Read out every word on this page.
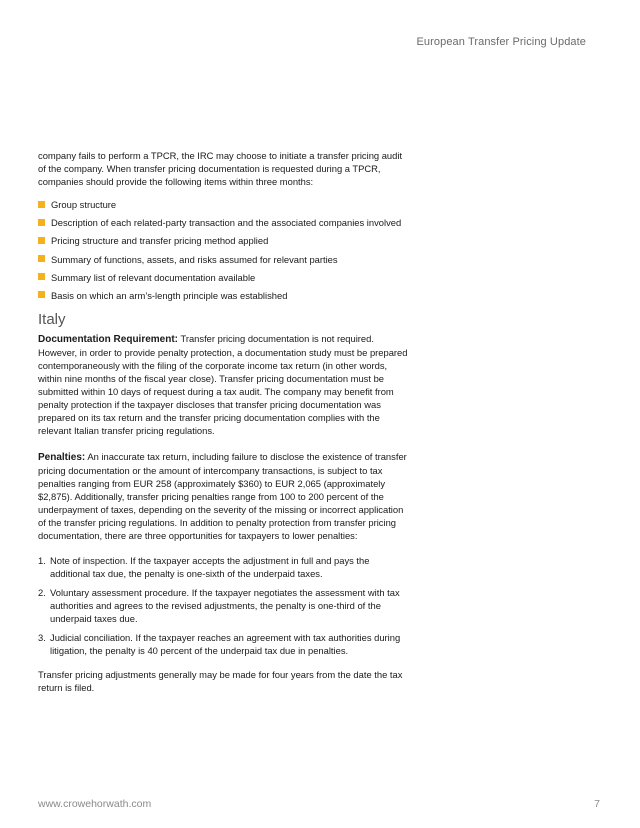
European Transfer Pricing Update

company fails to perform a TPCR, the IRC may choose to initiate a transfer pricing audit of the company. When transfer pricing documentation is requested during a TPCR, companies should provide the following items within three months:

Group structure
Description of each related-party transaction and the associated companies involved
Pricing structure and transfer pricing method applied
Summary of functions, assets, and risks assumed for relevant parties
Summary list of relevant documentation available
Basis on which an arm’s-length principle was established
Italy

Documentation Requirement: Transfer pricing documentation is not required. However, in order to provide penalty protection, a documentation study must be prepared contemporaneously with the filing of the corporate income tax return (in other words, within nine months of the fiscal year close). Transfer pricing documentation must be submitted within 10 days of request during a tax audit. The company may benefit from penalty protection if the taxpayer discloses that transfer pricing documentation was prepared on its tax return and the transfer pricing documentation complies with the relevant Italian transfer pricing regulations.

Penalties: An inaccurate tax return, including failure to disclose the existence of transfer pricing documentation or the amount of intercompany transactions, is subject to tax penalties ranging from EUR 258 (approximately $360) to EUR 2,065 (approximately $2,875). Additionally, transfer pricing penalties range from 100 to 200 percent of the underpayment of taxes, depending on the severity of the missing or incorrect application of the transfer pricing regulations. In addition to penalty protection from transfer pricing documentation, there are three opportunities for taxpayers to lower penalties:

1. Note of inspection. If the taxpayer accepts the adjustment in full and pays the additional tax due, the penalty is one-sixth of the underpaid taxes.
2. Voluntary assessment procedure. If the taxpayer negotiates the assessment with tax authorities and agrees to the revised adjustments, the penalty is one-third of the underpaid taxes due.
3. Judicial conciliation. If the taxpayer reaches an agreement with tax authorities during litigation, the penalty is 40 percent of the underpaid tax due in penalties.

Transfer pricing adjustments generally may be made for four years from the date the tax return is filed.

www.crowehorwath.com	7
